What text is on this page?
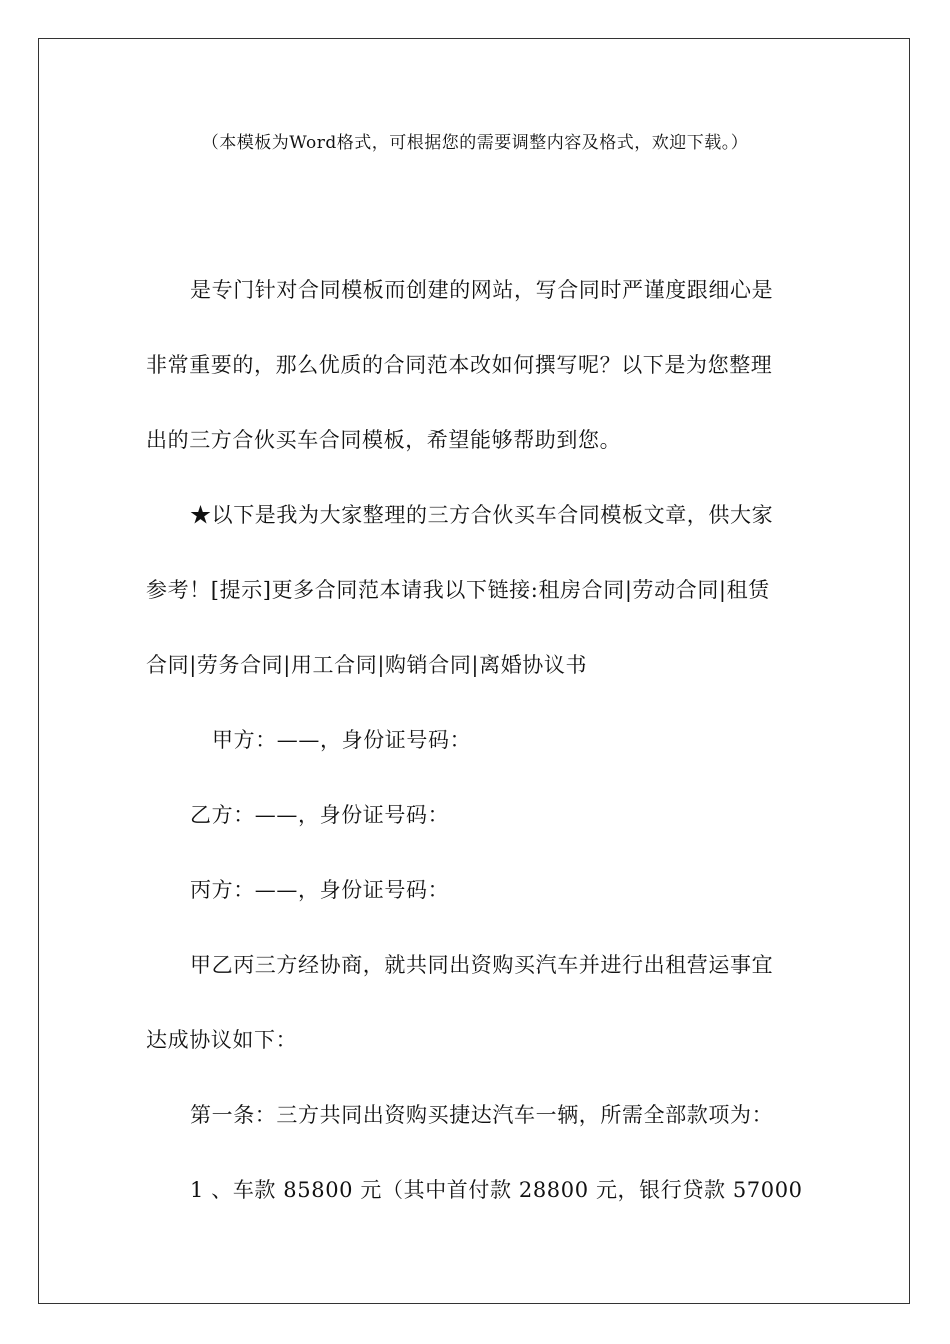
（本模板为Word格式，可根据您的需要调整内容及格式，欢迎下载。）
是专门针对合同模板而创建的网站，写合同时严谨度跟细心是
非常重要的，那么优质的合同范本改如何撰写呢？以下是为您整理
出的三方合伙买车合同模板，希望能够帮助到您。
★以下是我为大家整理的三方合伙买车合同模板文章，供大家
参考！[提示]更多合同范本请我以下链接:租房合同|劳动合同|租赁
合同|劳务合同|用工合同|购销合同|离婚协议书
甲方：——，身份证号码：
乙方：——，身份证号码：
丙方：——，身份证号码：
甲乙丙三方经协商，就共同出资购买汽车并进行出租营运事宜
达成协议如下：
第一条：三方共同出资购买捷达汽车一辆，所需全部款项为：
1 、车款 85800 元（其中首付款 28800 元，银行贷款 57000
